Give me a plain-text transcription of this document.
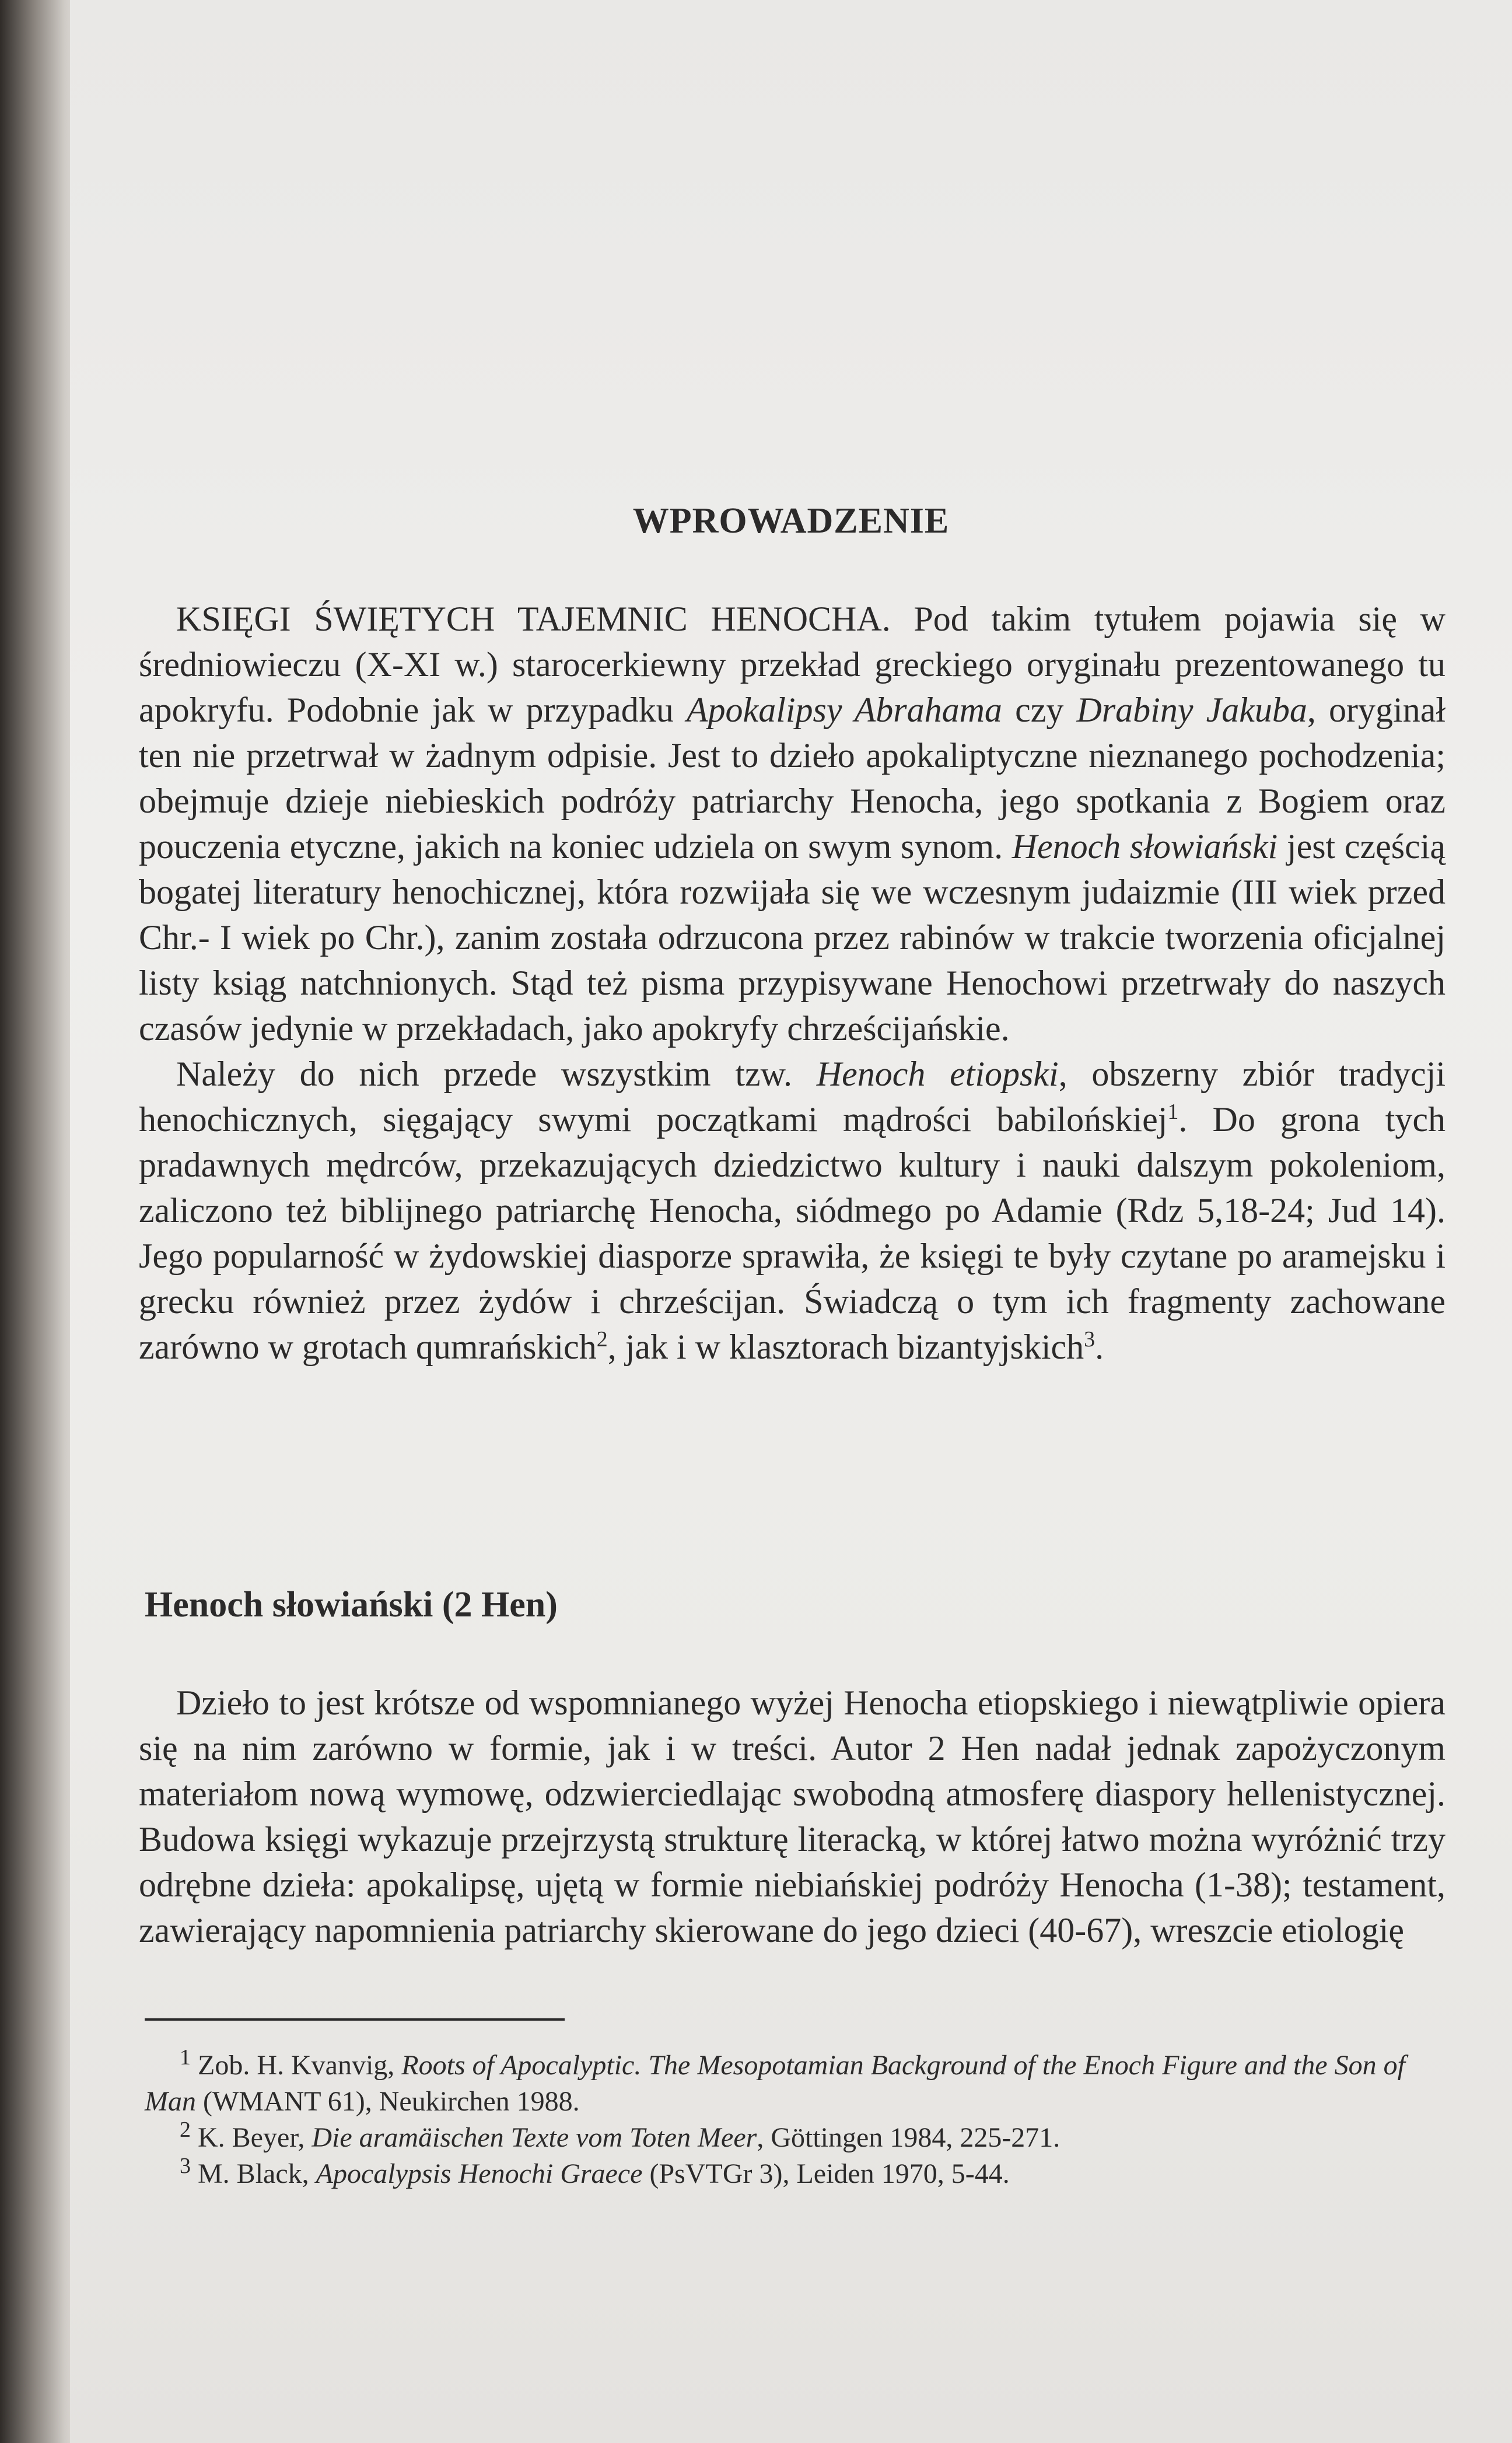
WPROWADZENIE

KSIĘGI ŚWIĘTYCH TAJEMNIC HENOCHA. Pod takim tytułem pojawia się w średniowieczu (X-XI w.) starocerkiewny przekład greckiego oryginału prezentowanego tu apokryfu. Podobnie jak w przypadku Apokalipsy Abrahama czy Drabiny Jakuba, oryginał ten nie przetrwał w żadnym odpisie. Jest to dzieło apokaliptyczne nieznanego pochodzenia; obejmuje dzieje niebieskich podróży patriarchy Henocha, jego spotkania z Bogiem oraz pouczenia etyczne, jakich na koniec udziela on swym synom. Henoch słowiański jest częścią bogatej literatury henochicznej, która rozwijała się we wczesnym judaizmie (III wiek przed Chr.- I wiek po Chr.), zanim została odrzucona przez rabinów w trakcie tworzenia oficjalnej listy ksiąg natchnionych. Stąd też pisma przypisywane Henochowi przetrwały do naszych czasów jedynie w przekładach, jako apokryfy chrześcijańskie.

Należy do nich przede wszystkim tzw. Henoch etiopski, obszerny zbiór tradycji henochicznych, sięgający swymi początkami mądrości babilońskiej$^1$. Do grona tych pradawnych mędrców, przekazujących dziedzictwo kultury i nauki dalszym pokoleniom, zaliczono też biblijnego patriarchę Henocha, siódmego po Adamie (Rdz 5,18-24; Jud 14). Jego popularność w żydowskiej diasporze sprawiła, że księgi te były czytane po aramejsku i grecku również przez żydów i chrześcijan. Świadczą o tym ich fragmenty zachowane zarówno w grotach qumrańskich$^2$, jak i w klasztorach bizantyjskich$^3$.

Henoch słowiański (2 Hen)

Dzieło to jest krótsze od wspomnianego wyżej Henocha etiopskiego i niewątpliwie opiera się na nim zarówno w formie, jak i w treści. Autor 2 Hen nadał jednak zapożyczonym materiałom nową wymowę, odzwierciedlając swobodną atmosferę diaspory hellenistycznej. Budowa księgi wykazuje przejrzystą strukturę literacką, w której łatwo można wyróżnić trzy odrębne dzieła: apokalipsę, ujętą w formie niebiańskiej podróży Henocha (1-38); testament, zawierający napomnienia patriarchy skierowane do jego dzieci (40-67), wreszcie etiologię

$^1$ Zob. H. Kvanvig, Roots of Apocalyptic. The Mesopotamian Background of the Enoch Figure and the Son of Man (WMANT 61), Neukirchen 1988.

$^2$ K. Beyer, Die aramäischen Texte vom Toten Meer, Göttingen 1984, 225-271.

$^3$ M. Black, Apocalypsis Henochi Graece (PsVTGr 3), Leiden 1970, 5-44.
